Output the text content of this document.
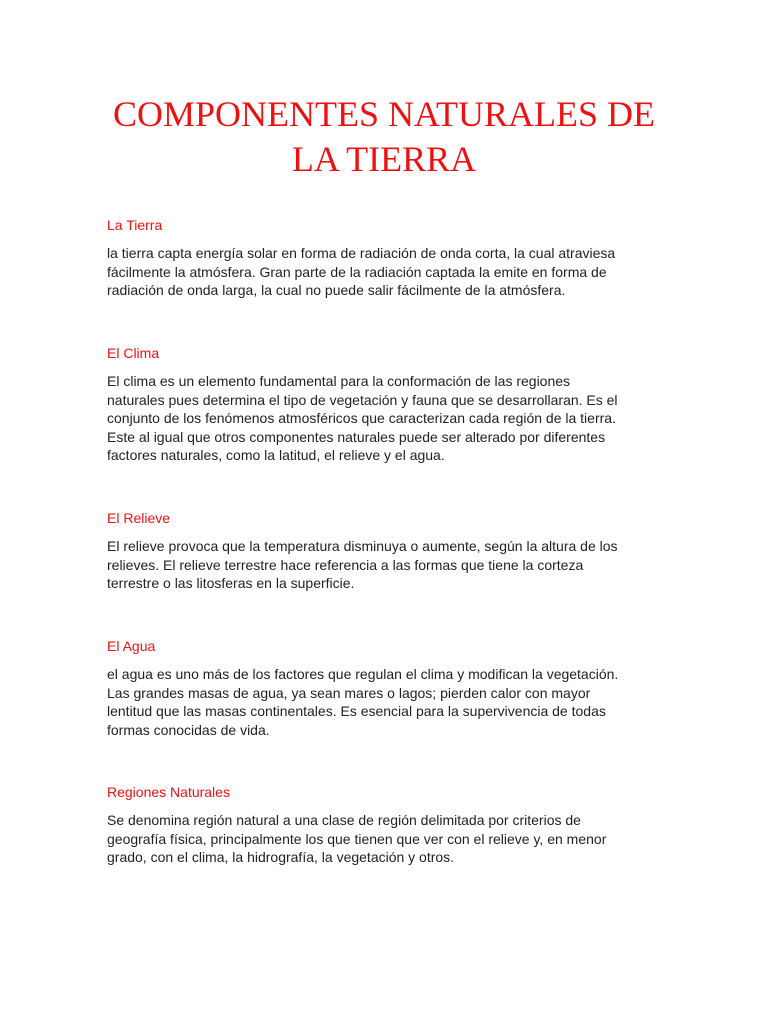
COMPONENTES NATURALES DE
LA TIERRA
La Tierra

la tierra capta energía solar en forma de radiación de onda corta, la cual atraviesa
fácilmente la atmósfera. Gran parte de la radiación captada la emite en forma de
radiación de onda larga, la cual no puede salir fácilmente de la atmósfera.

El Clima

El clima es un elemento fundamental para la conformación de las regiones
naturales pues determina el tipo de vegetación y fauna que se desarrollaran. Es el
conjunto de los fenómenos atmosféricos que caracterizan cada región de la tierra.
Este al igual que otros componentes naturales puede ser alterado por diferentes
factores naturales, como la latitud, el relieve y el agua.

El Relieve

El relieve provoca que la temperatura disminuya o aumente, según la altura de los
relieves. El relieve terrestre hace referencia a las formas que tiene la corteza
terrestre o las litosferas en la superficie.

El Agua

el agua es uno más de los factores que regulan el clima y modifican la vegetación.
Las grandes masas de agua, ya sean mares o lagos; pierden calor con mayor
lentitud que las masas continentales. Es esencial para la supervivencia de todas
formas conocidas de vida.

Regiones Naturales

Se denomina región natural a una clase de región delimitada por criterios de
geografía física, principalmente los que tienen que ver con el relieve y, en menor
grado, con el clima, la hidrografía, la vegetación y otros.
